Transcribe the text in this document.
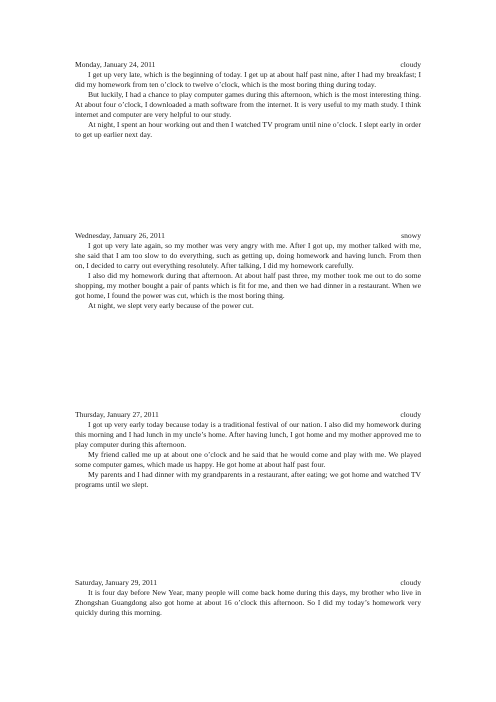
Monday, January 24, 2011	cloudy

I get up very late, which is the beginning of today. I get up at about half past nine, after I had my breakfast; I did my homework from ten o’clock to twelve o’clock, which is the most boring thing during today.

But luckily, I had a chance to play computer games during this afternoon, which is the most interesting thing. At about four o’clock, I downloaded a math software from the internet. It is very useful to my math study. I think internet and computer are very helpful to our study.

At night, I spent an hour working out and then I watched TV program until nine o’clock. I slept early in order to get up earlier next day.

Wednesday, January 26, 2011	snowy

I got up very late again, so my mother was very angry with me. After I got up, my mother talked with me, she said that I am too slow to do everything, such as getting up, doing homework and having lunch. From then on, I decided to carry out everything resolutely. After talking, I did my homework carefully.

I also did my homework during that afternoon. At about half past three, my mother took me out to do some shopping, my mother bought a pair of pants which is fit for me, and then we had dinner in a restaurant. When we got home, I found the power was cut, which is the most boring thing.

At night, we slept very early because of the power cut.

Thursday, January 27, 2011	cloudy

I got up very early today because today is a traditional festival of our nation. I also did my homework during this morning and I had lunch in my uncle’s home. After having lunch, I got home and my mother approved me to play computer during this afternoon.

My friend called me up at about one o’clock and he said that he would come and play with me. We played some computer games, which made us happy. He got home at about half past four.

My parents and I had dinner with my grandparents in a restaurant, after eating; we got home and watched TV programs until we slept.

Saturday, January 29, 2011	cloudy

It is four day before New Year, many people will come back home during this days, my brother who live in Zhongshan Guangdong also got home at about 16 o’clock this afternoon. So I did my today’s homework very quickly during this morning.
